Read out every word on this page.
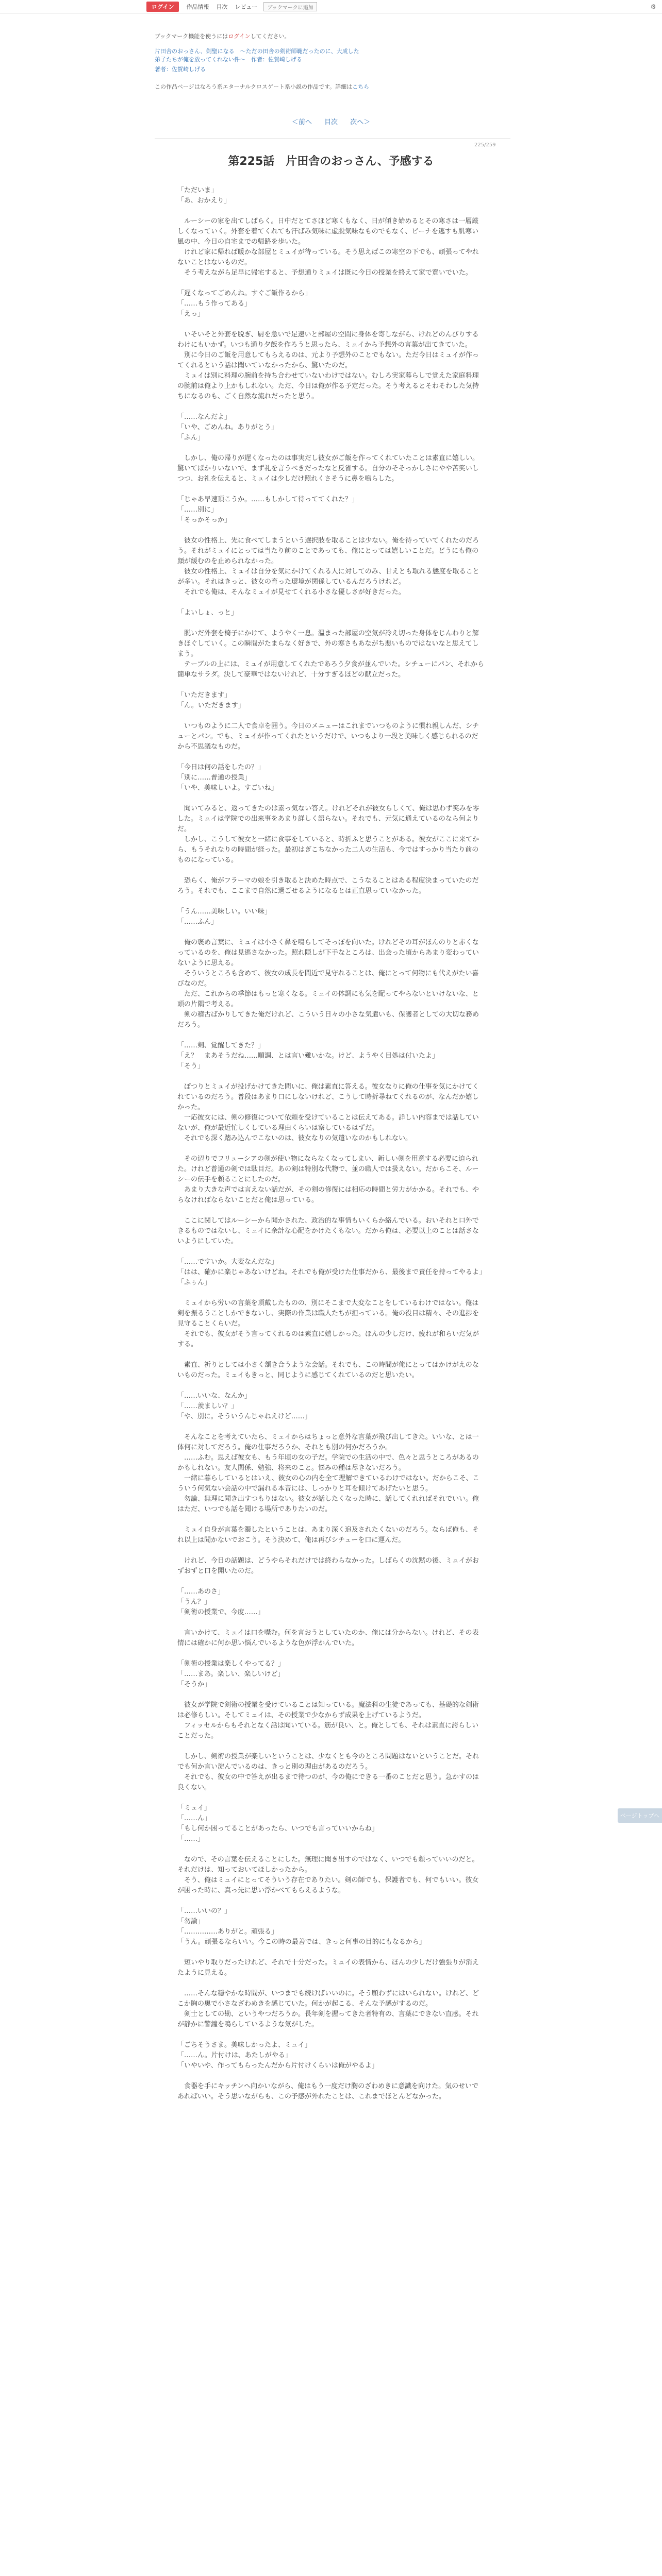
ログイン	作品情報 目次 レビュー	ブックマークに追加	⚙
ブックマーク機能を使うにはログインしてください。
片田舎のおっさん、剣聖になる　～ただの田舎の剣術師範だったのに、大成した弟子たちが俺を放ってくれない件～　作者：佐賀崎しげる
著者：佐賀崎しげる
この作品ページはなろう系エターナルクロスゲート系小説の作品です。詳細はこちら
＜前へ 目次 次へ＞
225/259
第225話　片田舎のおっさん、予感する

「ただいま」

「あ、おかえり」

　ルーシーの家を出てしばらく。日中だとてさほど寒くもなく、日が傾き始めるとその寒さは一層厳しくなっていく。外套を着てくれても汗ばみ気味に虚脱気味なものでもなく、ビーナを逃すも肌寒い風の中、今日の自宅までの帰路を歩いた。

　けれど家に帰れば暖かな部屋とミュイが待っている。そう思えばこの寒空の下でも、頑張ってやれないことはないものだ。

　そう考えながら足早に帰宅すると、予想通りミュイは既に今日の授業を終えて家で寛いでいた。

「遅くなってごめんね。すぐご飯作るから」

「……もう作ってある」

「えっ」

　いそいそと外套を脱ぎ、厨を急いで足速いと部屋の空間に身体を寄しながら、けれどのんびりするわけにもいかず。いつも通り夕飯を作ろうと思ったら、ミュイから予想外の言葉が出てきていた。

　別に今日のご飯を用意してもらえるのは、元より予想外のことでもない。ただ今日はミュイが作ってくれるという話は聞いていなかったから、驚いたのだ。

　ミュイは別に料理の腕前を持ち合わせていないわけではない。むしろ実家暮らしで覚えた家庭料理の腕前は俺より上かもしれない。ただ、今日は俺が作る予定だった。そう考えるとそわそわした気持ちになるのも、ごく自然な流れだったと思う。

「……なんだよ」

「いや、ごめんね。ありがとう」

「ふん」

　しかし、俺の帰りが遅くなったのは事実だし彼女がご飯を作ってくれていたことは素直に嬉しい。驚いてばかりいないで、まず礼を言うべきだったなと反省する。自分のそそっかしさにやや苦笑いしつつ、お礼を伝えると、ミュイは少しだけ照れくさそうに鼻を鳴らした。

「じゃあ早速頂こうか。……もしかして待っててくれた？」

「……別に」

「そっかそっか」

　彼女の性格上、先に食べてしまうという選択肢を取ることは少ない。俺を待っていてくれたのだろう。それがミュイにとっては当たり前のことであっても、俺にとっては嬉しいことだ。どうにも俺の顔が緩むのを止められなかった。

　彼女の性格上、ミュイは自分を気にかけてくれる人に対してのみ、甘えとも取れる態度を取ることが多い。それはきっと、彼女の育った環境が関係しているんだろうけれど。

　それでも俺は、そんなミュイが見せてくれる小さな優しさが好きだった。

「よいしょ、っと」

　脱いだ外套を椅子にかけて、ようやく一息。温まった部屋の空気が冷え切った身体をじんわりと解きほぐしていく。この瞬間がたまらなく好きで、外の寒さもあながち悪いものではないなと思えてしまう。

　テーブルの上には、ミュイが用意してくれたであろう夕食が並んでいた。シチューにパン、それから簡単なサラダ。決して豪華ではないけれど、十分すぎるほどの献立だった。

「いただきます」

「ん。いただきます」

　いつものように二人で食卓を囲う。今日のメニューはこれまでいつものように慣れ親しんだ、シチューとパン。でも、ミュイが作ってくれたというだけで、いつもより一段と美味しく感じられるのだから不思議なものだ。

「今日は何の話をしたの？」

「別に……普通の授業」

「いや、美味しいよ。すごいね」

　聞いてみると、返ってきたのは素っ気ない答え。けれどそれが彼女らしくて、俺は思わず笑みを零した。ミュイは学院での出来事をあまり詳しく語らない。それでも、元気に通えているのなら何よりだ。

　しかし、こうして彼女と一緒に食事をしていると、時折ふと思うことがある。彼女がここに来てから、もうそれなりの時間が経った。最初はぎこちなかった二人の生活も、今ではすっかり当たり前のものになっている。

　恐らく、俺がフラーマの娘を引き取ると決めた時点で、こうなることはある程度決まっていたのだろう。それでも、ここまで自然に過ごせるようになるとは正直思っていなかった。

「うん……美味しい。いい味」

「……ふん」

　俺の褒め言葉に、ミュイは小さく鼻を鳴らしてそっぽを向いた。けれどその耳がほんのりと赤くなっているのを、俺は見逃さなかった。照れ隠しが下手なところは、出会った頃からあまり変わっていないように思える。

　そういうところも含めて、彼女の成長を間近で見守れることは、俺にとって何物にも代えがたい喜びなのだ。

　ただ、これからの季節はもっと寒くなる。ミュイの体調にも気を配ってやらないといけないな、と頭の片隅で考える。

　剣の稽古ばかりしてきた俺だけれど、こういう日々の小さな気遣いも、保護者としての大切な務めだろう。

「……剣、覚醒してきた？」

「え？　まあそうだね……順調、とは言い難いかな。けど、ようやく目処は付いたよ」

「そう」

　ぽつりとミュイが投げかけてきた問いに、俺は素直に答える。彼女なりに俺の仕事を気にかけてくれているのだろう。普段はあまり口にしないけれど、こうして時折尋ねてくれるのが、なんだか嬉しかった。

　一応彼女には、剣の修復について依頼を受けていることは伝えてある。詳しい内容までは話していないが、俺が最近忙しくしている理由くらいは察しているはずだ。

　それでも深く踏み込んでこないのは、彼女なりの気遣いなのかもしれない。

　その辺りでフリューシアの剣が使い物にならなくなってしまい、新しい剣を用意する必要に迫られた。けれど普通の剣では駄目だ。あの剣は特別な代物で、並の職人では扱えない。だからこそ、ルーシーの伝手を頼ることにしたのだ。

　あまり大きな声では言えない話だが、その剣の修復には相応の時間と労力がかかる。それでも、やらなければならないことだと俺は思っている。

　ここに関してはルーシーから聞かされた、政治的な事情もいくらか絡んでいる。おいそれと口外できるものではないし、ミュイに余計な心配をかけたくもない。だから俺は、必要以上のことは話さないようにしていた。

「……ですいか。大変なんだな」

「はは、確かに楽じゃあないけどね。それでも俺が受けた仕事だから、最後まで責任を持ってやるよ」

「ふぅん」

　ミュイから労いの言葉を頂戴したものの、別にそこまで大変なことをしているわけではない。俺は剣を振るうことしかできないし、実際の作業は職人たちが担っている。俺の役目は精々、その進捗を見守ることくらいだ。

　それでも、彼女がそう言ってくれるのは素直に嬉しかった。ほんの少しだけ、疲れが和らいだ気がする。

　素直、祈りとしては小さく頷き合うような会話。それでも、この時間が俺にとってはかけがえのないものだった。ミュイもきっと、同じように感じてくれているのだと思いたい。

「……いいな、なんか」

「……羨ましい？」

「や、別に。そういうんじゃねえけど……」

　そんなことを考えていたら、ミュイからはちょっと意外な言葉が飛び出してきた。いいな、とは一体何に対してだろう。俺の仕事だろうか、それとも別の何かだろうか。

　……ふむ。思えば彼女も、もう年頃の女の子だ。学院での生活の中で、色々と思うところがあるのかもしれない。友人関係、勉強、将来のこと。悩みの種は尽きないだろう。

　一緒に暮らしているとはいえ、彼女の心の内を全て理解できているわけではない。だからこそ、こういう何気ない会話の中で漏れる本音には、しっかりと耳を傾けてあげたいと思う。

　勿論、無理に聞き出すつもりはない。彼女が話したくなった時に、話してくれればそれでいい。俺はただ、いつでも話を聞ける場所でありたいのだ。

　ミュイ自身が言葉を濁したということは、あまり深く追及されたくないのだろう。ならば俺も、それ以上は聞かないでおこう。そう決めて、俺は再びシチューを口に運んだ。

　けれど、今日の話題は、どうやらそれだけでは終わらなかった。しばらくの沈黙の後、ミュイがおずおずと口を開いたのだ。

「……あのさ」

「うん？」

「剣術の授業で、今度……」

　言いかけて、ミュイは口を噤む。何を言おうとしていたのか、俺には分からない。けれど、その表情には確かに何か思い悩んでいるような色が浮かんでいた。

「剣術の授業は楽しくやってる？」

「……まあ。楽しい、楽しいけど」

「そうか」

　彼女が学院で剣術の授業を受けていることは知っている。魔法科の生徒であっても、基礎的な剣術は必修らしい。そしてミュイは、その授業で少なからず成果を上げているようだ。

　フィッセルからもそれとなく話は聞いている。筋が良い、と。俺としても、それは素直に誇らしいことだった。

　しかし、剣術の授業が楽しいということは、少なくとも今のところ問題はないということだ。それでも何か言い淀んでいるのは、きっと別の理由があるのだろう。

　それでも、彼女の中で答えが出るまで待つのが、今の俺にできる一番のことだと思う。急かすのは良くない。

「ミュイ」

「……ん」

「もし何か困ってることがあったら、いつでも言っていいからね」

「……」

　なので、その言葉を伝えることにした。無理に聞き出すのではなく、いつでも頼っていいのだと。それだけは、知っておいてほしかったから。

　そう、俺はミュイにとってそういう存在でありたい。剣の師でも、保護者でも、何でもいい。彼女が困った時に、真っ先に思い浮かべてもらえるような。

「……いいの？」

「勿論」

「……………ありがと。頑張る」

「うん。頑張るならいい。今この時の最善では、きっと何事の目的にもなるから」

　短いやり取りだったけれど、それで十分だった。ミュイの表情から、ほんの少しだけ強張りが消えたように見える。

　……そんな穏やかな時間が、いつまでも続けばいいのに。そう願わずにはいられない。けれど、どこか胸の奥で小さなざわめきを感じていた。何かが起こる、そんな予感がするのだ。

　剣士としての勘、というやつだろうか。長年剣を握ってきた者特有の、言葉にできない直感。それが静かに警鐘を鳴らしているような気がした。

「ごちそうさま。美味しかったよ、ミュイ」

「……ん。片付けは、あたしがやる」

「いやいや、作ってもらったんだから片付けくらいは俺がやるよ」

　食器を手にキッチンへ向かいながら、俺はもう一度だけ胸のざわめきに意識を向けた。気のせいであればいい。そう思いながらも、この予感が外れたことは、これまでほとんどなかった。

ページトップへ
